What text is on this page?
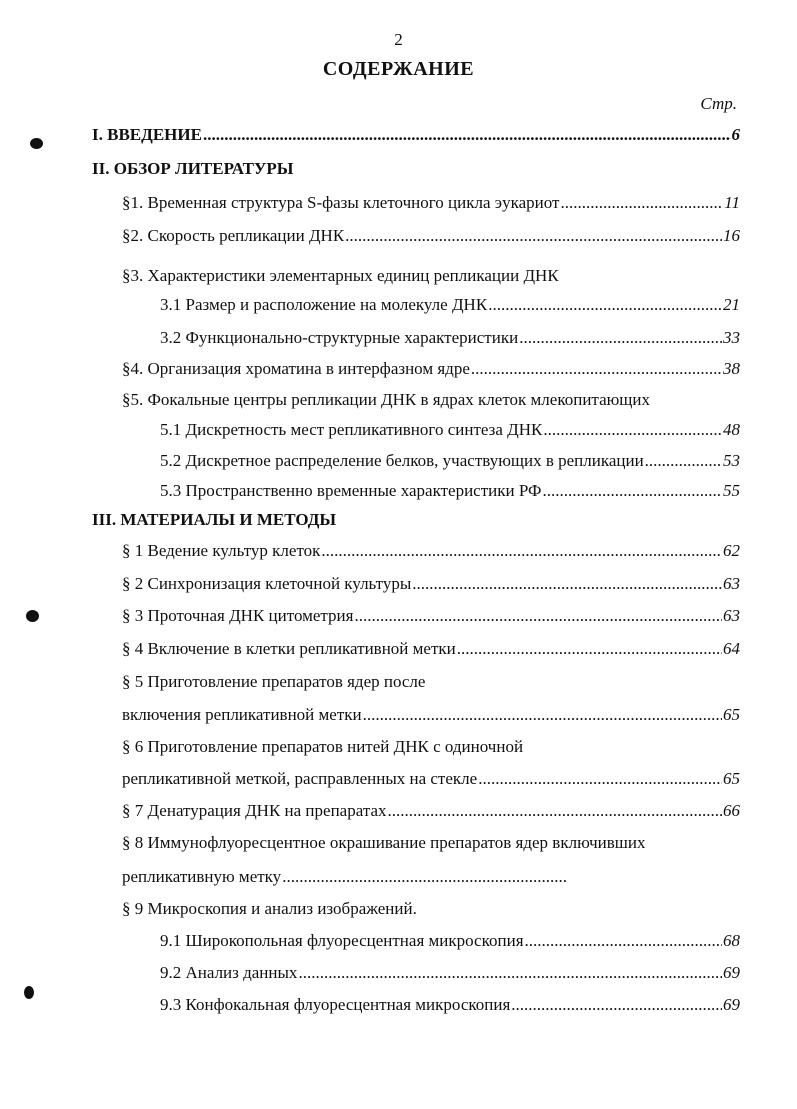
2
СОДЕРЖАНИЕ
Стр.
I. ВВЕДЕНИЕ .....	6
II. ОБЗОР ЛИТЕРАТУРЫ
§1. Временная структура S-фазы клеточного цикла эукариот .....	11
§2. Скорость репликации ДНК .....	16
§3. Характеристики элементарных единиц репликации ДНК
3.1 Размер и расположение на молекуле ДНК .....	21
3.2 Функционально-структурные характеристики .....	33
§4. Организация хроматина в интерфазном ядре .....	38
§5. Фокальные центры репликации ДНК в ядрах клеток млекопитающих
5.1 Дискретность мест репликативного синтеза ДНК .....	48
5.2 Дискретное распределение белков, участвующих в репликации .....	53
5.3 Пространственно временные характеристики РФ .....	55
III. МАТЕРИАЛЫ И МЕТОДЫ
§ 1 Ведение культур клеток .....	62
§ 2 Синхронизация клеточной культуры .....	63
§ 3 Проточная ДНК цитометрия .....	63
§ 4 Включение в клетки репликативной метки .....	64
§ 5 Приготовление препаратов ядер после
включения репликативной метки .....	65
§ 6 Приготовление препаратов нитей ДНК с одиночной
репликативной меткой, расправленных на стекле .....	65
§ 7 Денатурация ДНК на препаратах .....	66
§ 8 Иммунофлуоресцентное окрашивание препаратов ядер включивших
репликативную метку
.....
§ 9 Микроскопия и анализ изображений.
9.1 Широкопольная флуоресцентная микроскопия .....	68
9.2 Анализ данных .....	69
9.3 Конфокальная флуоресцентная микроскопия .....	69
